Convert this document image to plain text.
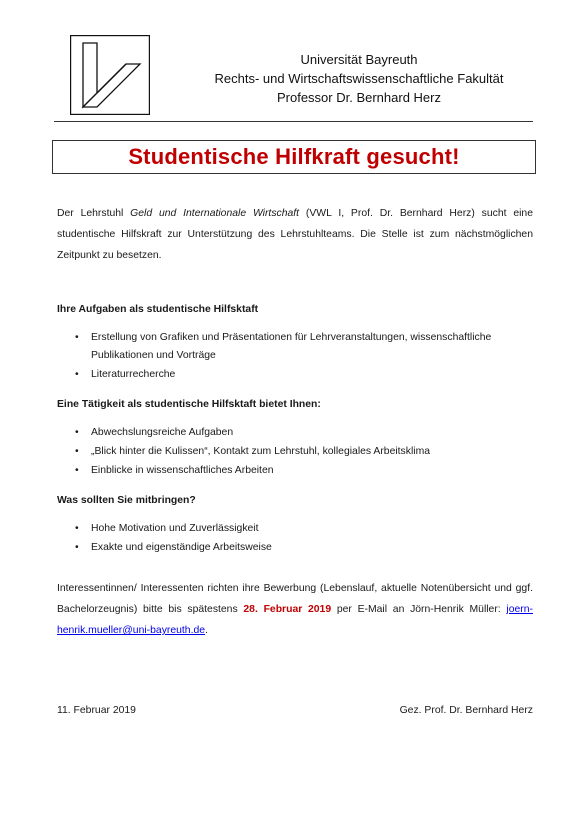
Universität Bayreuth
Rechts- und Wirtschaftswissenschaftliche Fakultät
Professor Dr. Bernhard Herz
Studentische Hilfkraft gesucht!

Der Lehrstuhl Geld und Internationale Wirtschaft (VWL I, Prof. Dr. Bernhard Herz) sucht eine studentische Hilfskraft zur Unterstützung des Lehrstuhlteams. Die Stelle ist zum nächstmöglichen Zeitpunkt zu besetzen.

Ihre Aufgaben als studentische Hilfsktaft

• Erstellung von Grafiken und Präsentationen für Lehrveranstaltungen, wissenschaftliche Publikationen und Vorträge
• Literaturrecherche

Eine Tätigkeit als studentische Hilfsktaft bietet Ihnen:

• Abwechslungsreiche Aufgaben
• „Blick hinter die Kulissen“, Kontakt zum Lehrstuhl, kollegiales Arbeitsklima
• Einblicke in wissenschaftliches Arbeiten

Was sollten Sie mitbringen?

• Hohe Motivation und Zuverlässigkeit
• Exakte und eigenständige Arbeitsweise

Interessentinnen/ Interessenten richten ihre Bewerbung (Lebenslauf, aktuelle Notenübersicht und ggf. Bachelorzeugnis) bitte bis spätestens 28. Februar 2019 per E-Mail an Jörn-Henrik Müller: joern-henrik.mueller@uni-bayreuth.de.

11. Februar 2019	Gez. Prof. Dr. Bernhard Herz
